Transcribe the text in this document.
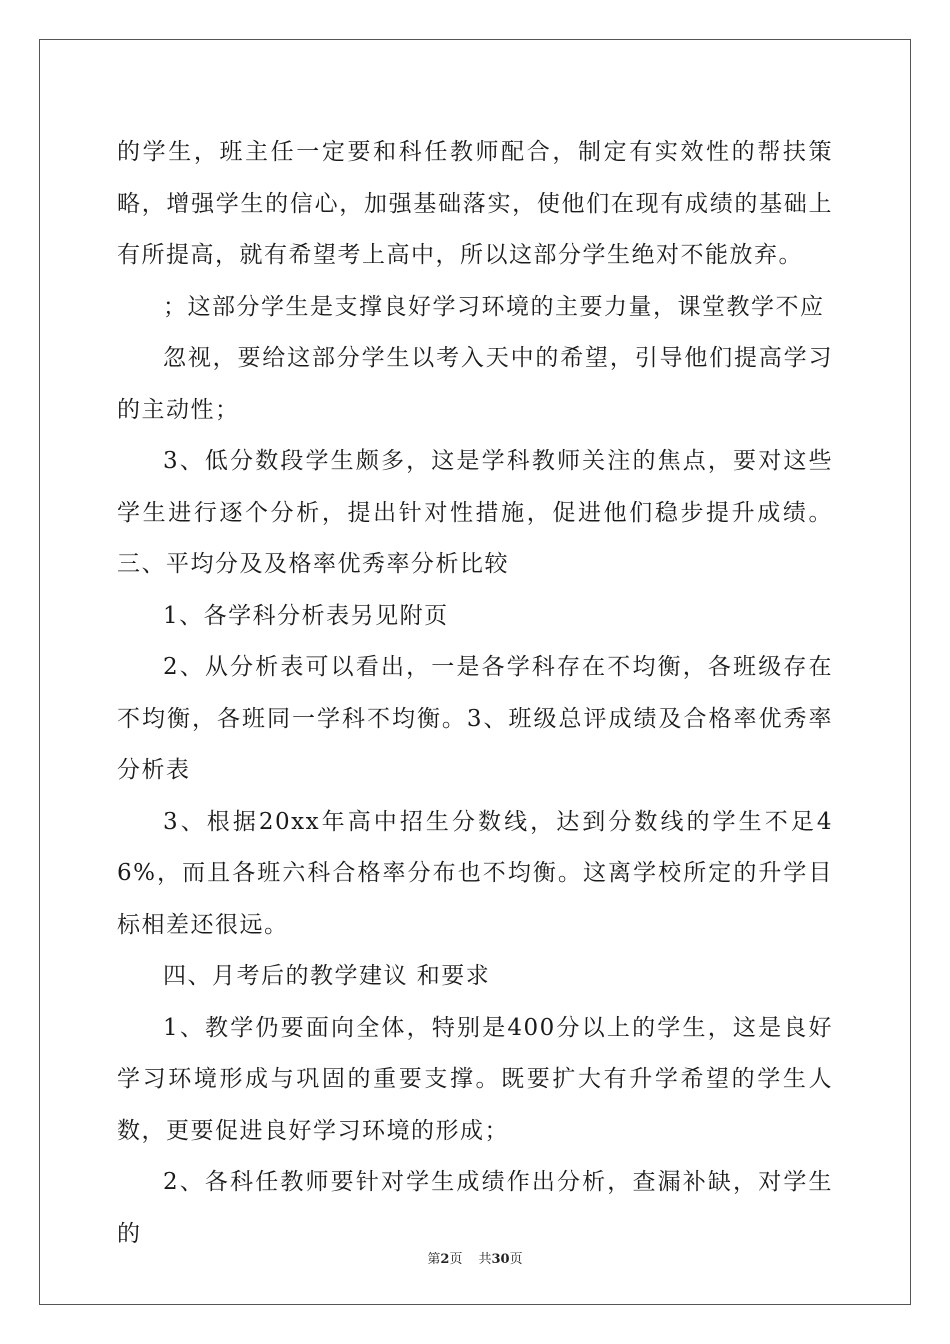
的学生，班主任一定要和科任教师配合，制定有实效性的帮扶策略，增强学生的信心，加强基础落实，使他们在现有成绩的基础上有所提高，就有希望考上高中，所以这部分学生绝对不能放弃。

；这部分学生是支撑良好学习环境的主要力量，课堂教学不应

忽视，要给这部分学生以考入天中的希望，引导他们提高学习的主动性；

3、低分数段学生颇多，这是学科教师关注的焦点，要对这些学生进行逐个分析，提出针对性措施，促进他们稳步提升成绩。三、平均分及及格率优秀率分析比较

1、各学科分析表另见附页

2、从分析表可以看出，一是各学科存在不均衡，各班级存在不均衡，各班同一学科不均衡。3、班级总评成绩及合格率优秀率分析表

3、根据20xx年高中招生分数线，达到分数线的学生不足46%，而且各班六科合格率分布也不均衡。这离学校所定的升学目标相差还很远。

四、月考后的教学建议 和要求

1、教学仍要面向全体，特别是400分以上的学生，这是良好学习环境形成与巩固的重要支撑。既要扩大有升学希望的学生人数，更要促进良好学习环境的形成；

2、各科任教师要针对学生成绩作出分析，查漏补缺，对学生的

第2页 共30页
